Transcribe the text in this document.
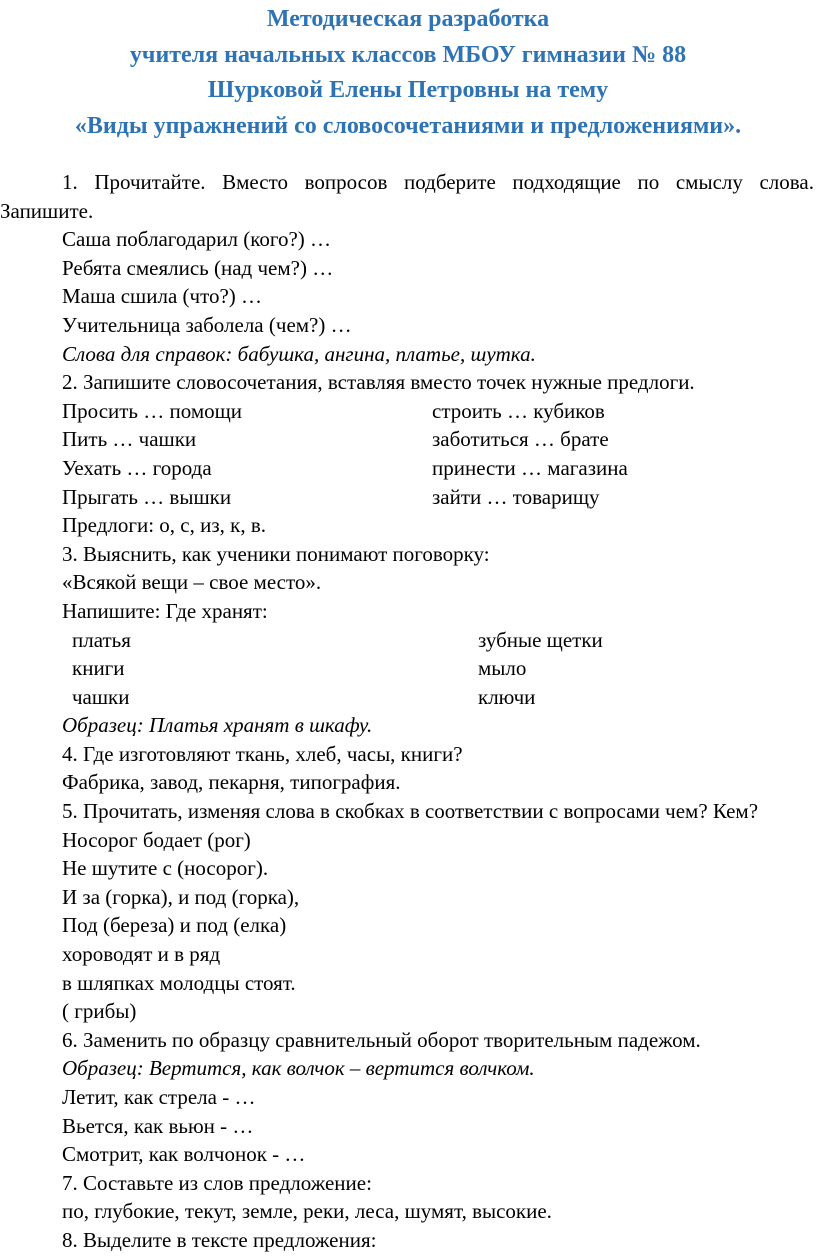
Методическая разработка
учителя начальных классов МБОУ гимназии № 88
Шурковой Елены Петровны на тему
«Виды упражнений со словосочетаниями и предложениями».

1. Прочитайте. Вместо вопросов подберите подходящие по смыслу слова. Запишите.

Саша поблагодарил (кого?) …

Ребята смеялись (над чем?) …

Маша сшила (что?) …

Учительница заболела (чем?) …

Слова для справок: бабушка, ангина, платье, шутка.

2. Запишите словосочетания, вставляя вместо точек нужные предлоги.

Просить … помощи	строить … кубиков
Пить … чашки	заботиться … брате
Уехать … города	принести … магазина
Прыгать … вышки	зайти … товарищу

Предлоги: о, с, из, к, в.

3. Выяснить, как ученики понимают поговорку:

«Всякой вещи – свое место».

Напишите: Где хранят:

платья	зубные щетки
книги	мыло
чашки	ключи

Образец: Платья хранят в шкафу.

4. Где изготовляют ткань, хлеб, часы, книги?

Фабрика, завод, пекарня, типография.

5. Прочитать, изменяя слова в скобках в соответствии с вопросами чем? Кем?

Носорог бодает (рог)

Не шутите с (носорог).

И за (горка), и под (горка),

Под (береза) и под (елка)

хороводят и в ряд

в шляпках молодцы стоят.

( грибы)

6. Заменить по образцу сравнительный оборот творительным падежом.

Образец: Вертится, как волчок – вертится волчком.

Летит, как стрела - …

Вьется, как вьюн - …

Смотрит, как волчонок - …

7. Составьте из слов предложение:

по, глубокие, текут, земле, реки, леса, шумят, высокие.

8. Выделите в тексте предложения:
